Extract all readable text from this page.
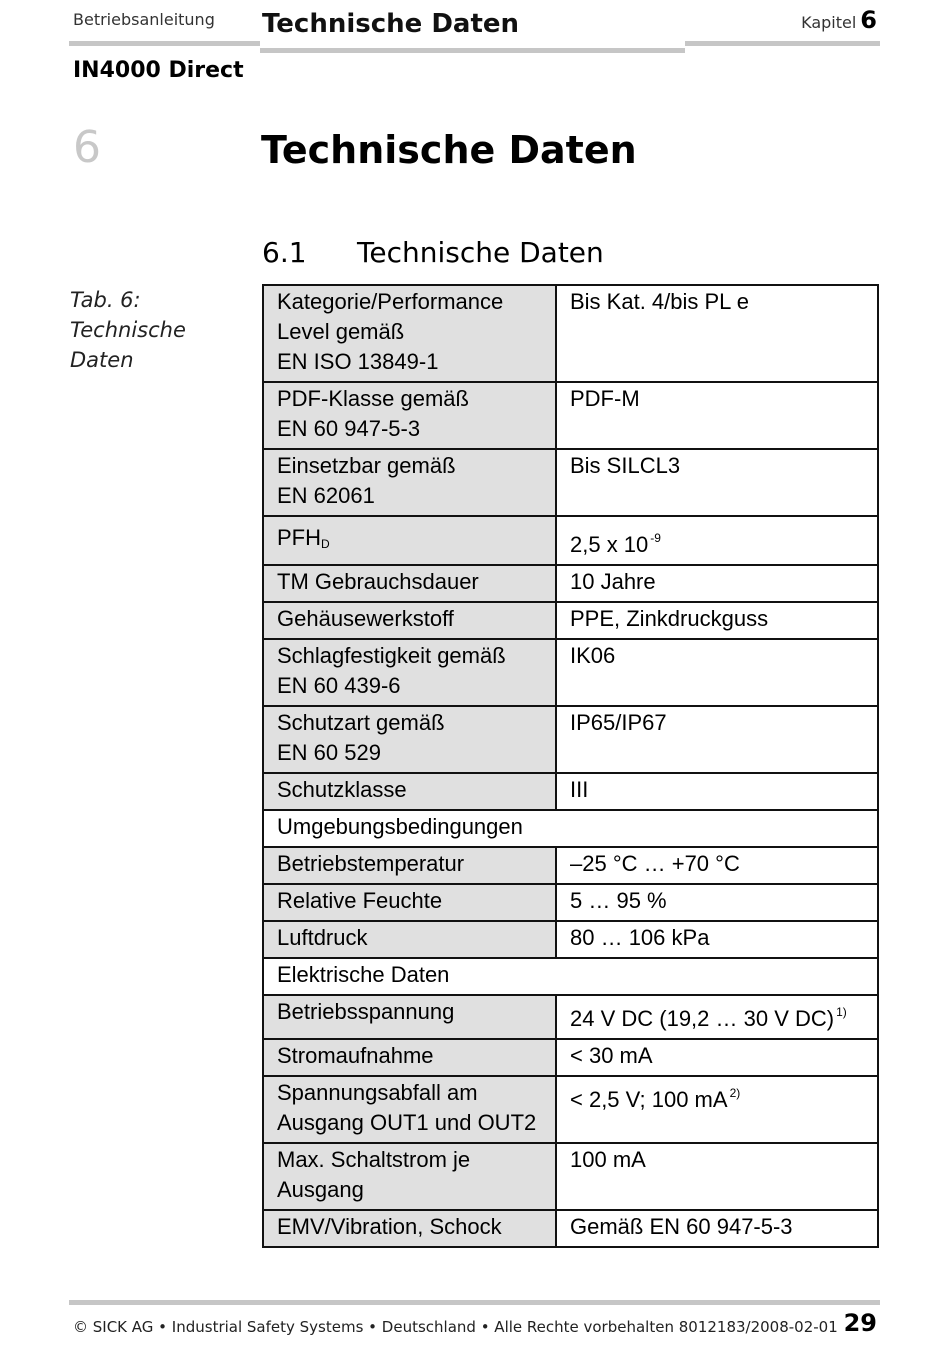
Betriebsanleitung Technische Daten	Kapitel 6
IN4000 Direct
6	Technische Daten
6.1 Technische Daten
Tab. 6:
Technische
Daten
Kategorie/Performance
Level gemäß
EN ISO 13849-1	Bis Kat. 4/bis PL e

PDF-Klasse gemäß
EN 60 947-5-3	PDF-M

Einsetzbar gemäß
EN 62061	Bis SILCL3
$PFH_D$	2,5 x 10 $^{-9}$
TM Gebrauchsdauer	10 Jahre
Gehäusewerkstoff	PPE, Zinkdruckguss

Schlagfestigkeit gemäß
EN 60 439-6	IK06

Schutzart gemäß
EN 60 529	IP65/IP67
Schutzklasse	III
Umgebungsbedingungen	
Betriebstemperatur	–25 °C … +70 °C
Relative Feuchte	5 … 95 %
Luftdruck	80 … 106 kPa
Elektrische Daten	
Betriebsspannung	24 V DC (19,2 … 30 V DC) $^{1)}$
Stromaufnahme	< 30 mA

Spannungsabfall am
Ausgang OUT1 und OUT2	< 2,5 V; 100 mA $^{2)}$

Max. Schaltstrom je
Ausgang	100 mA
EMV/Vibration, Schock	Gemäß EN 60 947-5-3
© SICK AG • Industrial Safety Systems • Deutschland • Alle Rechte vorbehalten 8012183/2008-02-01 29
